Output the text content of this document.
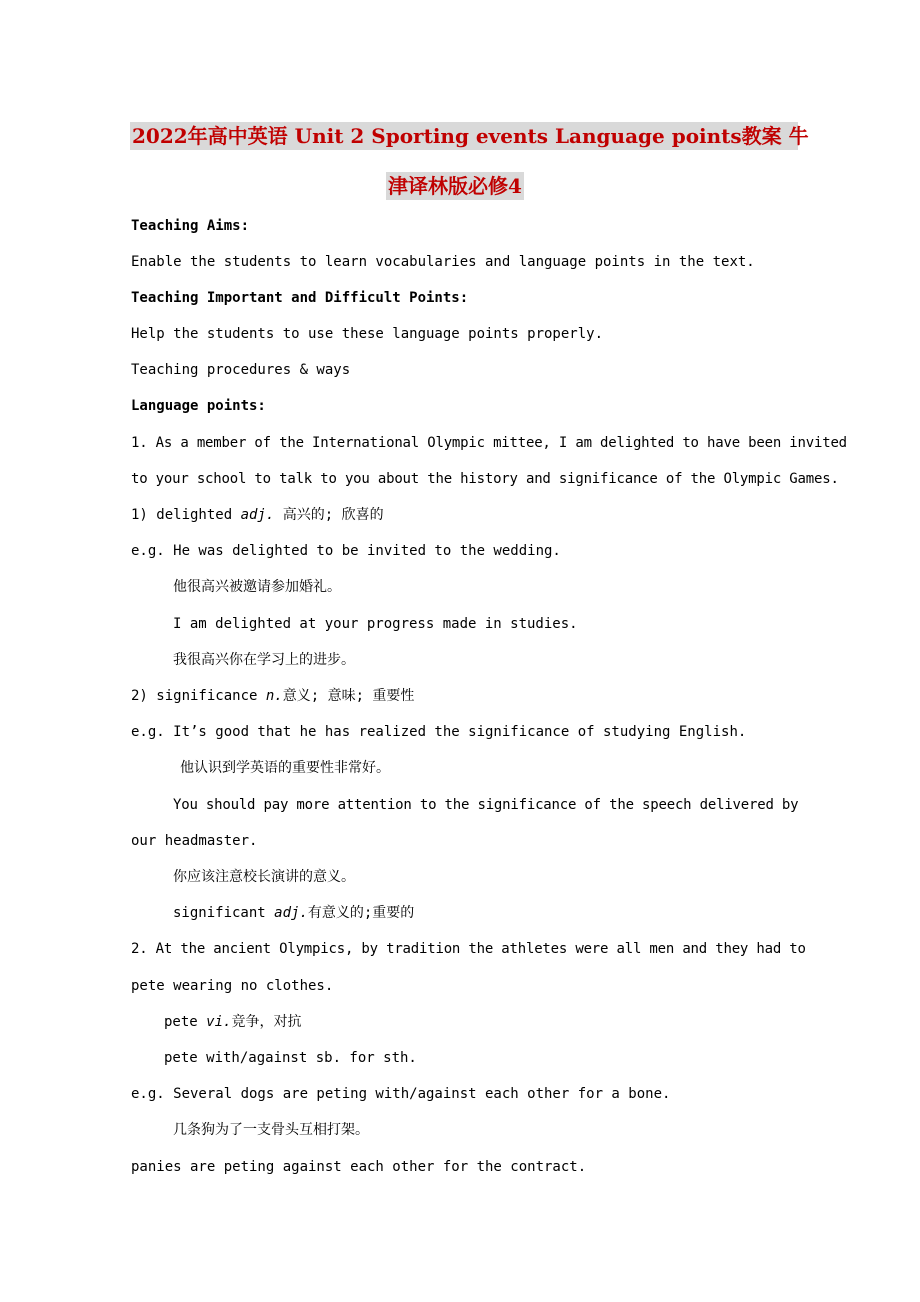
2022年高中英语 Unit 2 Sporting events Language points教案 牛
津译林版必修4
Teaching Aims:
Enable the students to learn vocabularies and language points in the text.
Teaching Important and Difficult Points:
Help the students to use these language points properly.
Teaching procedures & ways
Language points:
1. As a member of the International Olympic mittee, I am delighted to have been invited
to your school to talk to you about the history and significance of the Olympic Games.
1) delighted adj. 高兴的; 欣喜的
e.g. He was delighted to be invited to the wedding.
他很高兴被邀请参加婚礼。
I am delighted at your progress made in studies.
我很高兴你在学习上的进步。
2) significance n.意义; 意味; 重要性
e.g. It’s good that he has realized the significance of studying English.
他认识到学英语的重要性非常好。
You should pay more attention to the significance of the speech delivered by
our headmaster.
你应该注意校长演讲的意义。
significant adj.有意义的;重要的
2. At the ancient Olympics, by tradition the athletes were all men and they had to
pete wearing no clothes.
pete vi.竞争，对抗
pete with/against sb. for sth.
e.g. Several dogs are peting with/against each other for a bone.
几条狗为了一支骨头互相打架。
panies are peting against each other for the contract.
